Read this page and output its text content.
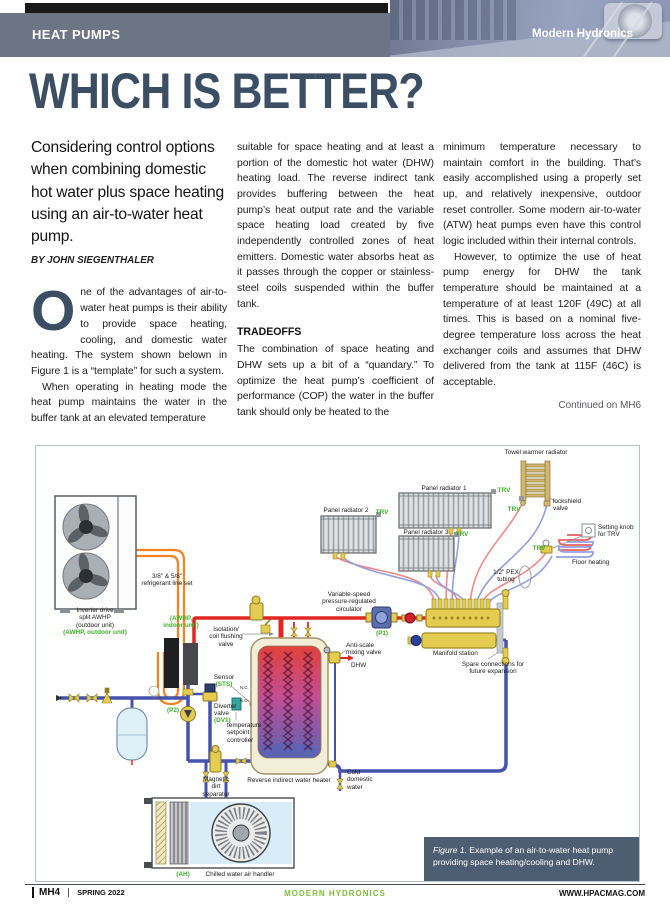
HEAT PUMPS	Modern Hydronics
WHICH IS BETTER?

Considering control options when combining domestic hot water plus space heating using an air-to-water heat pump.

BY JOHN SIEGENTHALER

One of the advantages of air-to-water heat pumps is their ability to provide space heating, cooling, and domestic water heating. The system shown belown in Figure 1 is a “template” for such a system.

When operating in heating mode the heat pump maintains the water in the buffer tank at an elevated temperature

suitable for space heating and at least a portion of the domestic hot water (DHW) heating load. The reverse indirect tank provides buffering between the heat pump’s heat output rate and the variable space heating load created by five independently controlled zones of heat emitters. Domestic water absorbs heat as it passes through the copper or stainless-steel coils suspended within the buffer tank.

TRADEOFFS

The combination of space heating and DHW sets up a bit of a “quandary.” To optimize the heat pump’s coefficient of performance (COP) the water in the buffer tank should only be heated to the

minimum temperature necessary to maintain comfort in the building. That’s easily accomplished using a properly set up, and relatively inexpensive, outdoor reset controller. Some modern air-to-water (ATW) heat pumps even have this control logic included within their internal controls.

However, to optimize the use of heat pump energy for DHW the tank temperature should be maintained at a temperature of at least 120F (49C) at all times. This is based on a nominal five-degree temperature loss across the heat exchanger coils and assumes that DHW delivered from the tank at 115F (46C) is acceptable.

Continued on MH6

Towel warmer radiator
Panel radiator 1	TRV
Panel radiator 2 TRV
Panel radiator 3 TRV
TRV
lockshield
valve
Setting knob
for TRV
TRV
Floor heating
1/2" PEX
tubing
3/8" & 5/8"
refrigerant line set
Variable-speed
pressure-regulated
circulator
(P1)
Inverter drive
split AWHP
(outdoor unit)
(AWHP, outdoor unit)
(AWHP,
indoor unit)
Isolation/
coil flushing
valve
Sensor
(STS) N.C.
N.O.
(P2)
Diverter
valve
(DV1)
temperature
setpoint
controller
Anti-scale
mixing valve
DHW
Manifold station
Spare connections for
future expansion
Magnetic
dirt
separator
Reverse indirect water heater
Cold
domestic
water
(AH) Chilled water air handler
Figure 1. Example of an air-to-water heat pump providing space heating/cooling and DHW.
MH4	SPRING 2022	MODERN HYDRONICS	WWW.HPACMAG.COM
